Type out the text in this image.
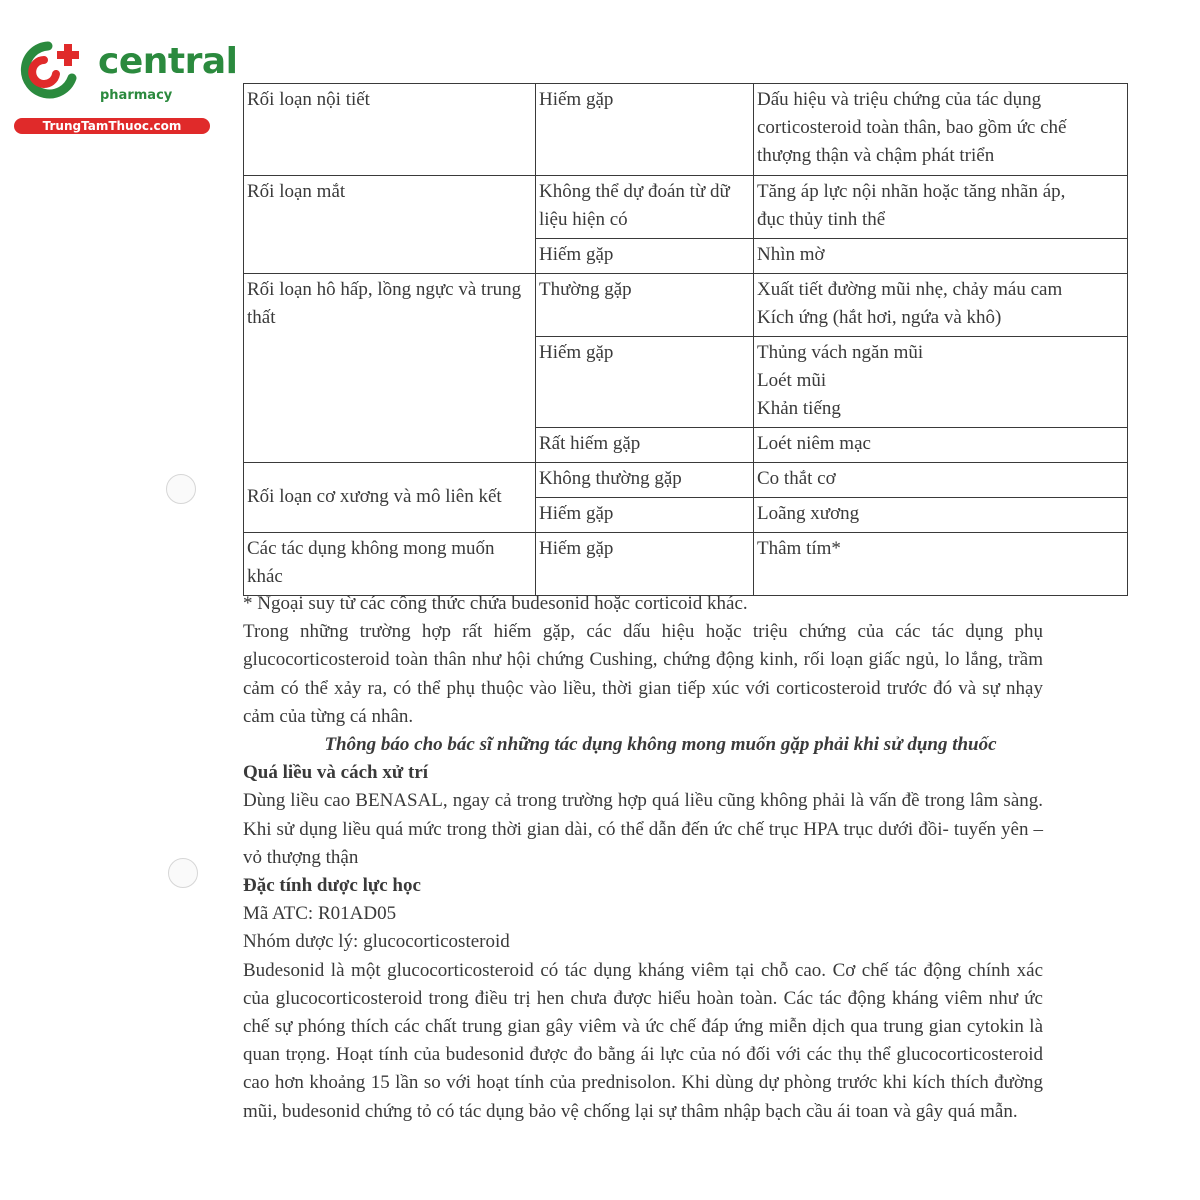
central
pharmacy
TrungTamThuoc.com
Rối loạn nội tiết	Hiếm gặp	Dấu hiệu và triệu chứng của tác dụng
corticosteroid toàn thân, bao gồm ức chế
thượng thận và chậm phát triển

Rối loạn mắt	Không thể dự đoán từ dữ liệu hiện có	Tăng áp lực nội nhãn hoặc tăng nhãn áp,
đục thủy tinh thể

	Hiếm gặp	Nhìn mờ

Rối loạn hô hấp, lồng ngực và trung thất	Thường gặp	Xuất tiết đường mũi nhẹ, chảy máu cam
Kích ứng (hắt hơi, ngứa và khô)

	Hiếm gặp	Thủng vách ngăn mũi
Loét mũi
Khản tiếng

	Rất hiếm gặp	Loét niêm mạc

Rối loạn cơ xương và mô liên kết	Không thường gặp	Co thắt cơ

	Hiếm gặp	Loãng xương

Các tác dụng không mong muốn khác	Hiếm gặp	Thâm tím*

* Ngoại suy từ các công thức chứa budesonid hoặc corticoid khác.

Trong những trường hợp rất hiếm gặp, các dấu hiệu hoặc triệu chứng của các tác dụng phụ glucocorticosteroid toàn thân như hội chứng Cushing, chứng động kinh, rối loạn giấc ngủ, lo lắng, trầm cảm có thể xảy ra, có thể phụ thuộc vào liều, thời gian tiếp xúc với corticosteroid trước đó và sự nhạy cảm của từng cá nhân.

Thông báo cho bác sĩ những tác dụng không mong muốn gặp phải khi sử dụng thuốc

Quá liều và cách xử trí

Dùng liều cao BENASAL, ngay cả trong trường hợp quá liều cũng không phải là vấn đề trong lâm sàng. Khi sử dụng liều quá mức trong thời gian dài, có thể dẫn đến ức chế trục HPA trục dưới đồi- tuyến yên – vỏ thượng thận

Đặc tính dược lực học

Mã ATC: R01AD05

Nhóm dược lý: glucocorticosteroid

Budesonid là một glucocorticosteroid có tác dụng kháng viêm tại chỗ cao. Cơ chế tác động chính xác của glucocorticosteroid trong điều trị hen chưa được hiểu hoàn toàn. Các tác động kháng viêm như ức chế sự phóng thích các chất trung gian gây viêm và ức chế đáp ứng miễn dịch qua trung gian cytokin là quan trọng. Hoạt tính của budesonid được đo bằng ái lực của nó đối với các thụ thể glucocorticosteroid cao hơn khoảng 15 lần so với hoạt tính của prednisolon. Khi dùng dự phòng trước khi kích thích đường mũi, budesonid chứng tỏ có tác dụng bảo vệ chống lại sự thâm nhập bạch cầu ái toan và gây quá mẫn.
